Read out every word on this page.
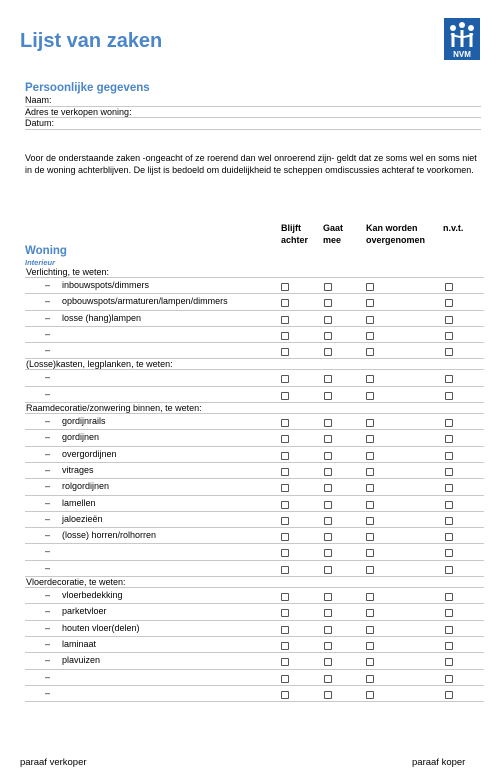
Lijst van zaken
NVM
Persoonlijke gegevens
Naam:
Adres te verkopen woning:
Datum:
Voor de onderstaande zaken -ongeacht of ze roerend dan wel onroerend zijn- geldt dat ze soms wel en soms niet in de woning achterblijven. De lijst is bedoeld om duidelijkheid te scheppen omdiscussies achteraf te voorkomen.
Blijft
achter
Gaat
mee
Kan worden
overgenomen
n.v.t.
Woning
Interieur
Verlichting, te weten:
– inbouwspots/dimmers
– opbouwspots/armaturen/lampen/dimmers
– losse (hang)lampen
–
–
(Losse)kasten, legplanken, te weten:
–
–
Raamdecoratie/zonwering binnen, te weten:
– gordijnrails
– gordijnen
– overgordijnen
– vitrages
– rolgordijnen
– lamellen
– jaloezieën
– (losse) horren/rolhorren
–
–
Vloerdecoratie, te weten:
– vloerbedekking
– parketvloer
– houten vloer(delen)
– laminaat
– plavuizen
–
–
paraaf verkoper	paraaf koper
